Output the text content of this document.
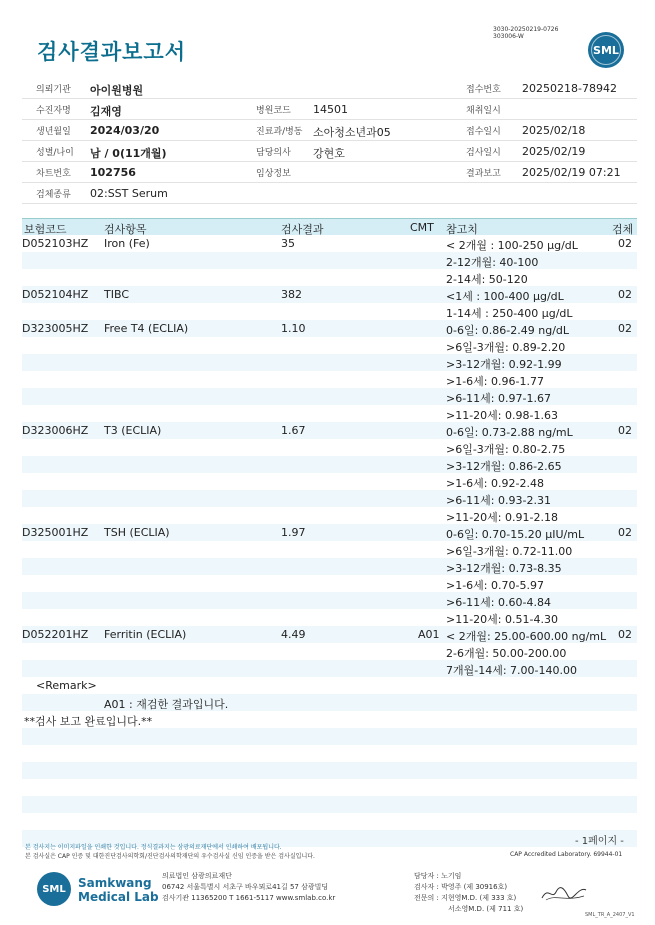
3030-20250219-0726
303006-W
검사결과보고서	SML
의뢰기관 아이원병원	접수번호 20250218-78942
수진자명 김재영	병원코드 14501	채취일시
생년월일 2024/03/20	진료과/병동 소아청소년과05	접수일시 2025/02/18
성별/나이 남 / 0(11개월)	담당의사 강현호	검사일시 2025/02/19
차트번호 102756	임상정보	결과보고 2025/02/19 07:21
검체종류 02:SST Serum
보험코드	검사항목	검사결과	CMT 참고치	검체
D052103HZ Iron (Fe)	35	< 2개월 : 100-250 μg/dL	02
2-12개월: 40-100
2-14세: 50-120
D052104HZ TIBC	382	<1세 : 100-400 μg/dL	02
1-14세 : 250-400 μg/dL
D323005HZ Free T4 (ECLIA)	1.10	0-6일: 0.86-2.49 ng/dL	02
>6일-3개월: 0.89-2.20
>3-12개월: 0.92-1.99
>1-6세: 0.96-1.77
>6-11세: 0.97-1.67
>11-20세: 0.98-1.63
D323006HZ T3 (ECLIA)	1.67	0-6일: 0.73-2.88 ng/mL	02
>6일-3개월: 0.80-2.75
>3-12개월: 0.86-2.65
>1-6세: 0.92-2.48
>6-11세: 0.93-2.31
>11-20세: 0.91-2.18
D325001HZ TSH (ECLIA)	1.97	0-6일: 0.70-15.20 μIU/mL	02
>6일-3개월: 0.72-11.00
>3-12개월: 0.73-8.35
>1-6세: 0.70-5.97
>6-11세: 0.60-4.84
>11-20세: 0.51-4.30
D052201HZ Ferritin (ECLIA)	4.49	A01 < 2개월: 25.00-600.00 ng/mL 02
2-6개월: 50.00-200.00
7개월-14세: 7.00-140.00
<Remark>
A01 : 재검한 결과입니다.
**검사 보고 완료입니다.**
- 1페이지 -
본 검사지는 이미지파일을 인쇄한 것입니다. 정식결과지는 삼광의료재단에서 인쇄하여 배포됩니다.
본 검사실은 CAP 인증 및 대한진단검사의학회/진단검사의학재단의 우수검사실 신임 인증을 받은 검사실입니다.	CAP Accredited Laboratory. 69944-01
SML	Samkwang
Medical Lab
의료법인 삼광의료재단
06742 서울특별시 서초구 바우뫼로41길 57 삼광빌딩
검사기관 11365200 T 1661-5117 www.smlab.co.kr
담당자 : 노기임
검사자 : 박영주 (제 30916호)
전문의 : 지현영M.D. (제 333 호)
서소영M.D. (제 711 호)
SML_TR_A_2407_V1
